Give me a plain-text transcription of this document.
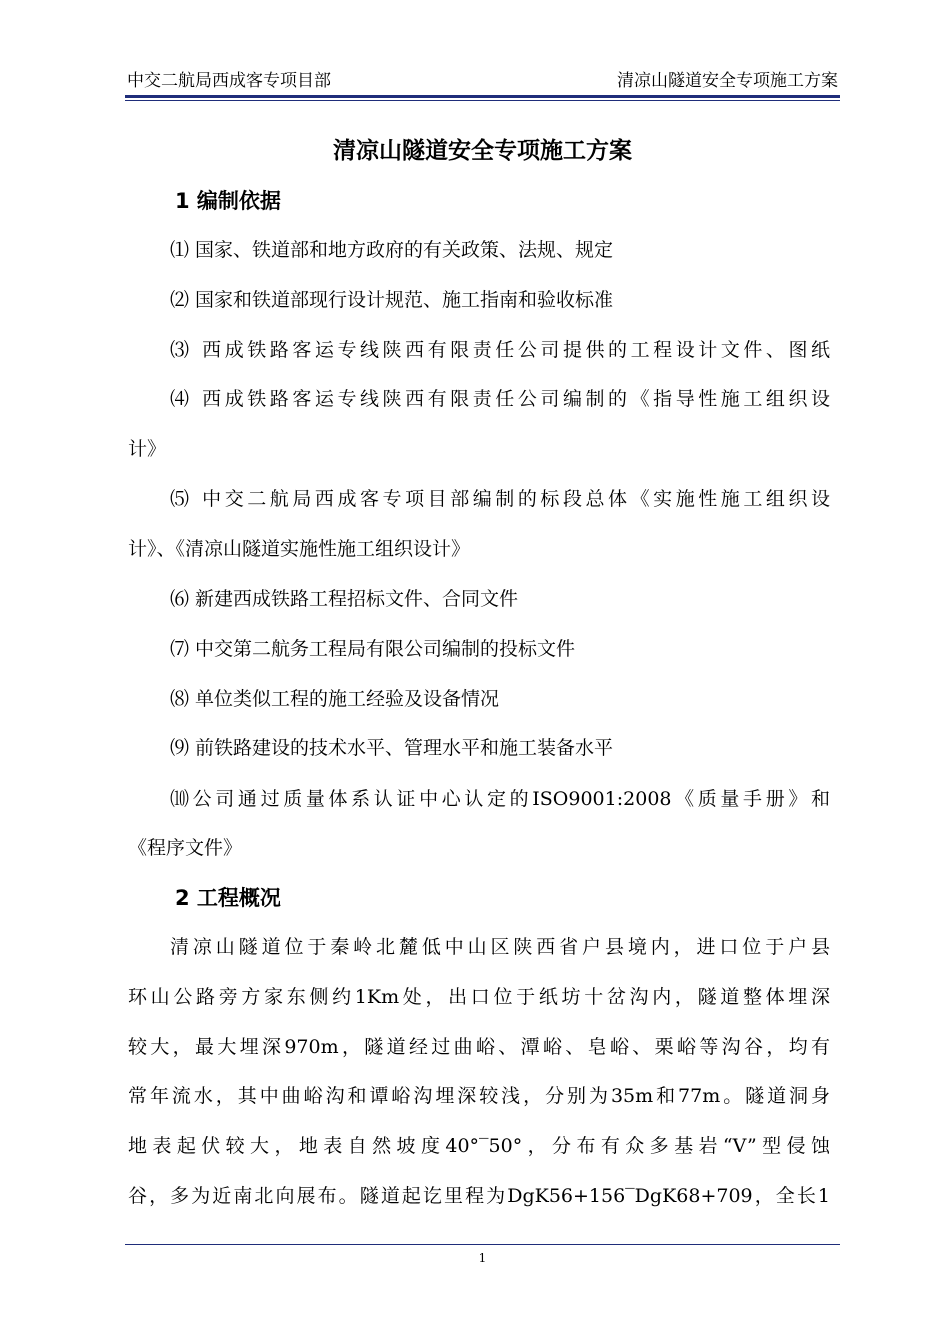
中交二航局西成客专项目部	清凉山隧道安全专项施工方案
清凉山隧道安全专项施工方案
1 编制依据
⑴ 国家、铁道部和地方政府的有关政策、法规、规定
⑵ 国家和铁道部现行设计规范、施工指南和验收标准
⑶ 西成铁路客运专线陕西有限责任公司提供的工程设计文件、图纸
⑷ 西成铁路客运专线陕西有限责任公司编制的《指导性施工组织设
计》
⑸ 中交二航局西成客专项目部编制的标段总体《实施性施工组织设
计》、《清凉山隧道实施性施工组织设计》
⑹ 新建西成铁路工程招标文件、合同文件
⑺ 中交第二航务工程局有限公司编制的投标文件
⑻ 单位类似工程的施工经验及设备情况
⑼ 前铁路建设的技术水平、管理水平和施工装备水平
⑽公司通过质量体系认证中心认定的ISO9001:2008《质量手册》和
《程序文件》
2 工程概况
清凉山隧道位于秦岭北麓低中山区陕西省户县境内，进口位于户县
环山公路旁方家东侧约1Km处，出口位于纸坊十岔沟内，隧道整体埋深
较大，最大埋深970m，隧道经过曲峪、潭峪、皂峪、栗峪等沟谷，均有
常年流水，其中曲峪沟和谭峪沟埋深较浅，分别为35m和77m。隧道洞身
地表起伏较大，地表自然坡度40°‾50°，分布有众多基岩“V”型侵蚀
谷，多为近南北向展布。隧道起讫里程为DgK56+156‾DgK68+709，全长1
1
